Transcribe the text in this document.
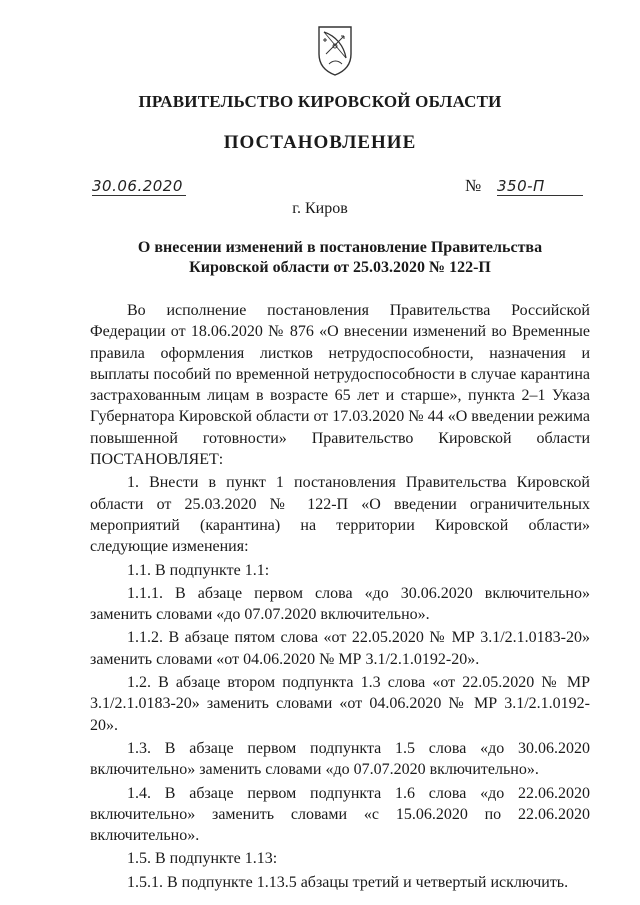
ПРАВИТЕЛЬСТВО КИРОВСКОЙ ОБЛАСТИ
ПОСТАНОВЛЕНИЕ
30.06.2020	№ 350-П
г. Киров
О внесении изменений в постановление Правительства
Кировской области от 25.03.2020 № 122-П

Во исполнение постановления Правительства Российской Федерации от 18.06.2020 № 876 «О внесении изменений во Временные правила оформления листков нетрудоспособности, назначения и выплаты пособий по временной нетрудоспособности в случае карантина застрахованным лицам в возрасте 65 лет и старше», пункта 2–1 Указа Губернатора Кировской области от 17.03.2020 № 44 «О введении режима повышенной готовности» Правительство Кировской области ПОСТАНОВЛЯЕТ:

1. Внести в пункт 1 постановления Правительства Кировской области от 25.03.2020 № 122-П «О введении ограничительных мероприятий (карантина) на территории Кировской области» следующие изменения:

1.1. В подпункте 1.1:

1.1.1. В абзаце первом слова «до 30.06.2020 включительно» заменить словами «до 07.07.2020 включительно».

1.1.2. В абзаце пятом слова «от 22.05.2020 № МР 3.1/2.1.0183-20» заменить словами «от 04.06.2020 № МР 3.1/2.1.0192-20».

1.2. В абзаце втором подпункта 1.3 слова «от 22.05.2020 № МР 3.1/2.1.0183-20» заменить словами «от 04.06.2020 № МР 3.1/2.1.0192-20».

1.3. В абзаце первом подпункта 1.5 слова «до 30.06.2020 включительно» заменить словами «до 07.07.2020 включительно».

1.4. В абзаце первом подпункта 1.6 слова «до 22.06.2020 включительно» заменить словами «с 15.06.2020 по 22.06.2020 включительно».

1.5. В подпункте 1.13:

1.5.1. В подпункте 1.13.5 абзацы третий и четвертый исключить.
